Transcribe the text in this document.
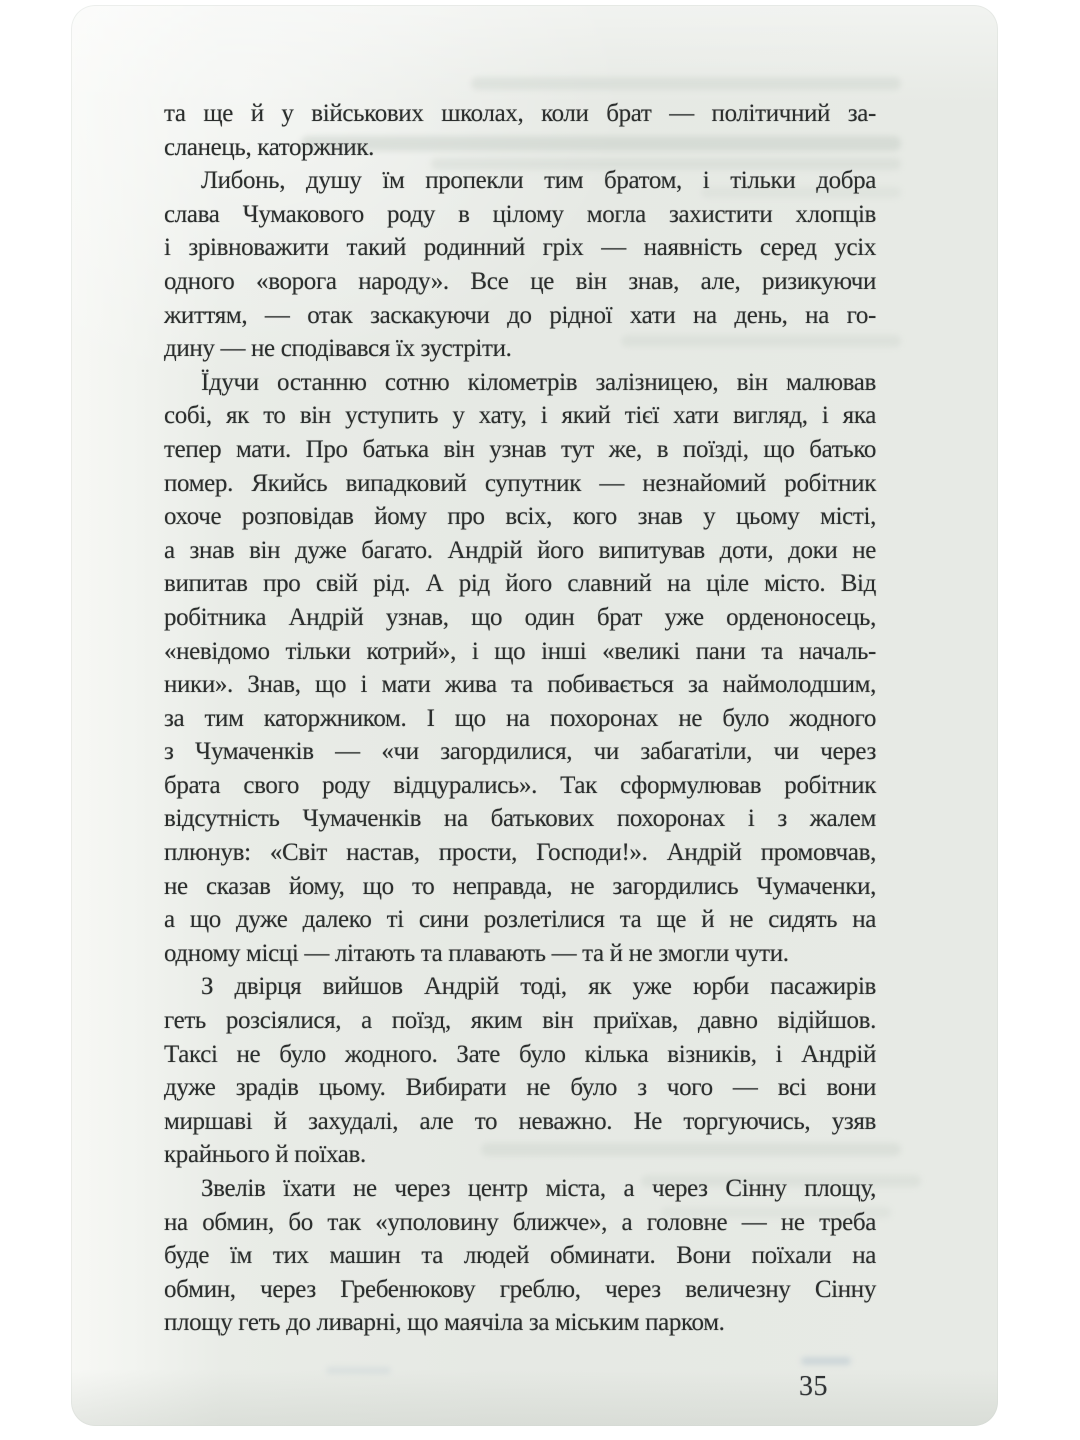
та ще й у військових школах, коли брат — політичний за-
сланець, каторжник.
Либонь, душу їм пропекли тим братом, і тільки добра
слава Чумакового роду в цілому могла захистити хлопців
і зрівноважити такий родинний гріх — наявність серед усіх
одного «ворога народу». Все це він знав, але, ризикуючи
життям, — отак заскакуючи до рідної хати на день, на го-
дину — не сподівався їх зустріти.
Їдучи останню сотню кілометрів залізницею, він малював
собі, як то він уступить у хату, і який тієї хати вигляд, і яка
тепер мати. Про батька він узнав тут же, в поїзді, що батько
помер. Якийсь випадковий супутник — незнайомий робітник
охоче розповідав йому про всіх, кого знав у цьому місті,
а знав він дуже багато. Андрій його випитував доти, доки не
випитав про свій рід. А рід його славний на ціле місто. Від
робітника Андрій узнав, що один брат уже орденоносець,
«невідомо тільки котрий», і що інші «великі пани та началь-
ники». Знав, що і мати жива та побивається за наймолодшим,
за тим каторжником. І що на похоронах не було жодного
з Чумаченків — «чи загордилися, чи забагатіли, чи через
брата свого роду відцурались». Так сформулював робітник
відсутність Чумаченків на батькових похоронах і з жалем
плюнув: «Світ настав, прости, Господи!». Андрій промовчав,
не сказав йому, що то неправда, не загордились Чумаченки,
а що дуже далеко ті сини розлетілися та ще й не сидять на
одному місці — літають та плавають — та й не змогли чути.
З двірця вийшов Андрій тоді, як уже юрби пасажирів
геть розсіялися, а поїзд, яким він приїхав, давно відійшов.
Таксі не було жодного. Зате було кілька візників, і Андрій
дуже зрадів цьому. Вибирати не було з чого — всі вони
миршаві й захудалі, але то неважно. Не торгуючись, узяв
крайнього й поїхав.
Звелів їхати не через центр міста, а через Сінну площу,
на обмин, бо так «уполовину ближче», а головне — не треба
буде їм тих машин та людей обминати. Вони поїхали на
обмин, через Гребенюкову греблю, через величезну Сінну
площу геть до ливарні, що маячіла за міським парком.
35
